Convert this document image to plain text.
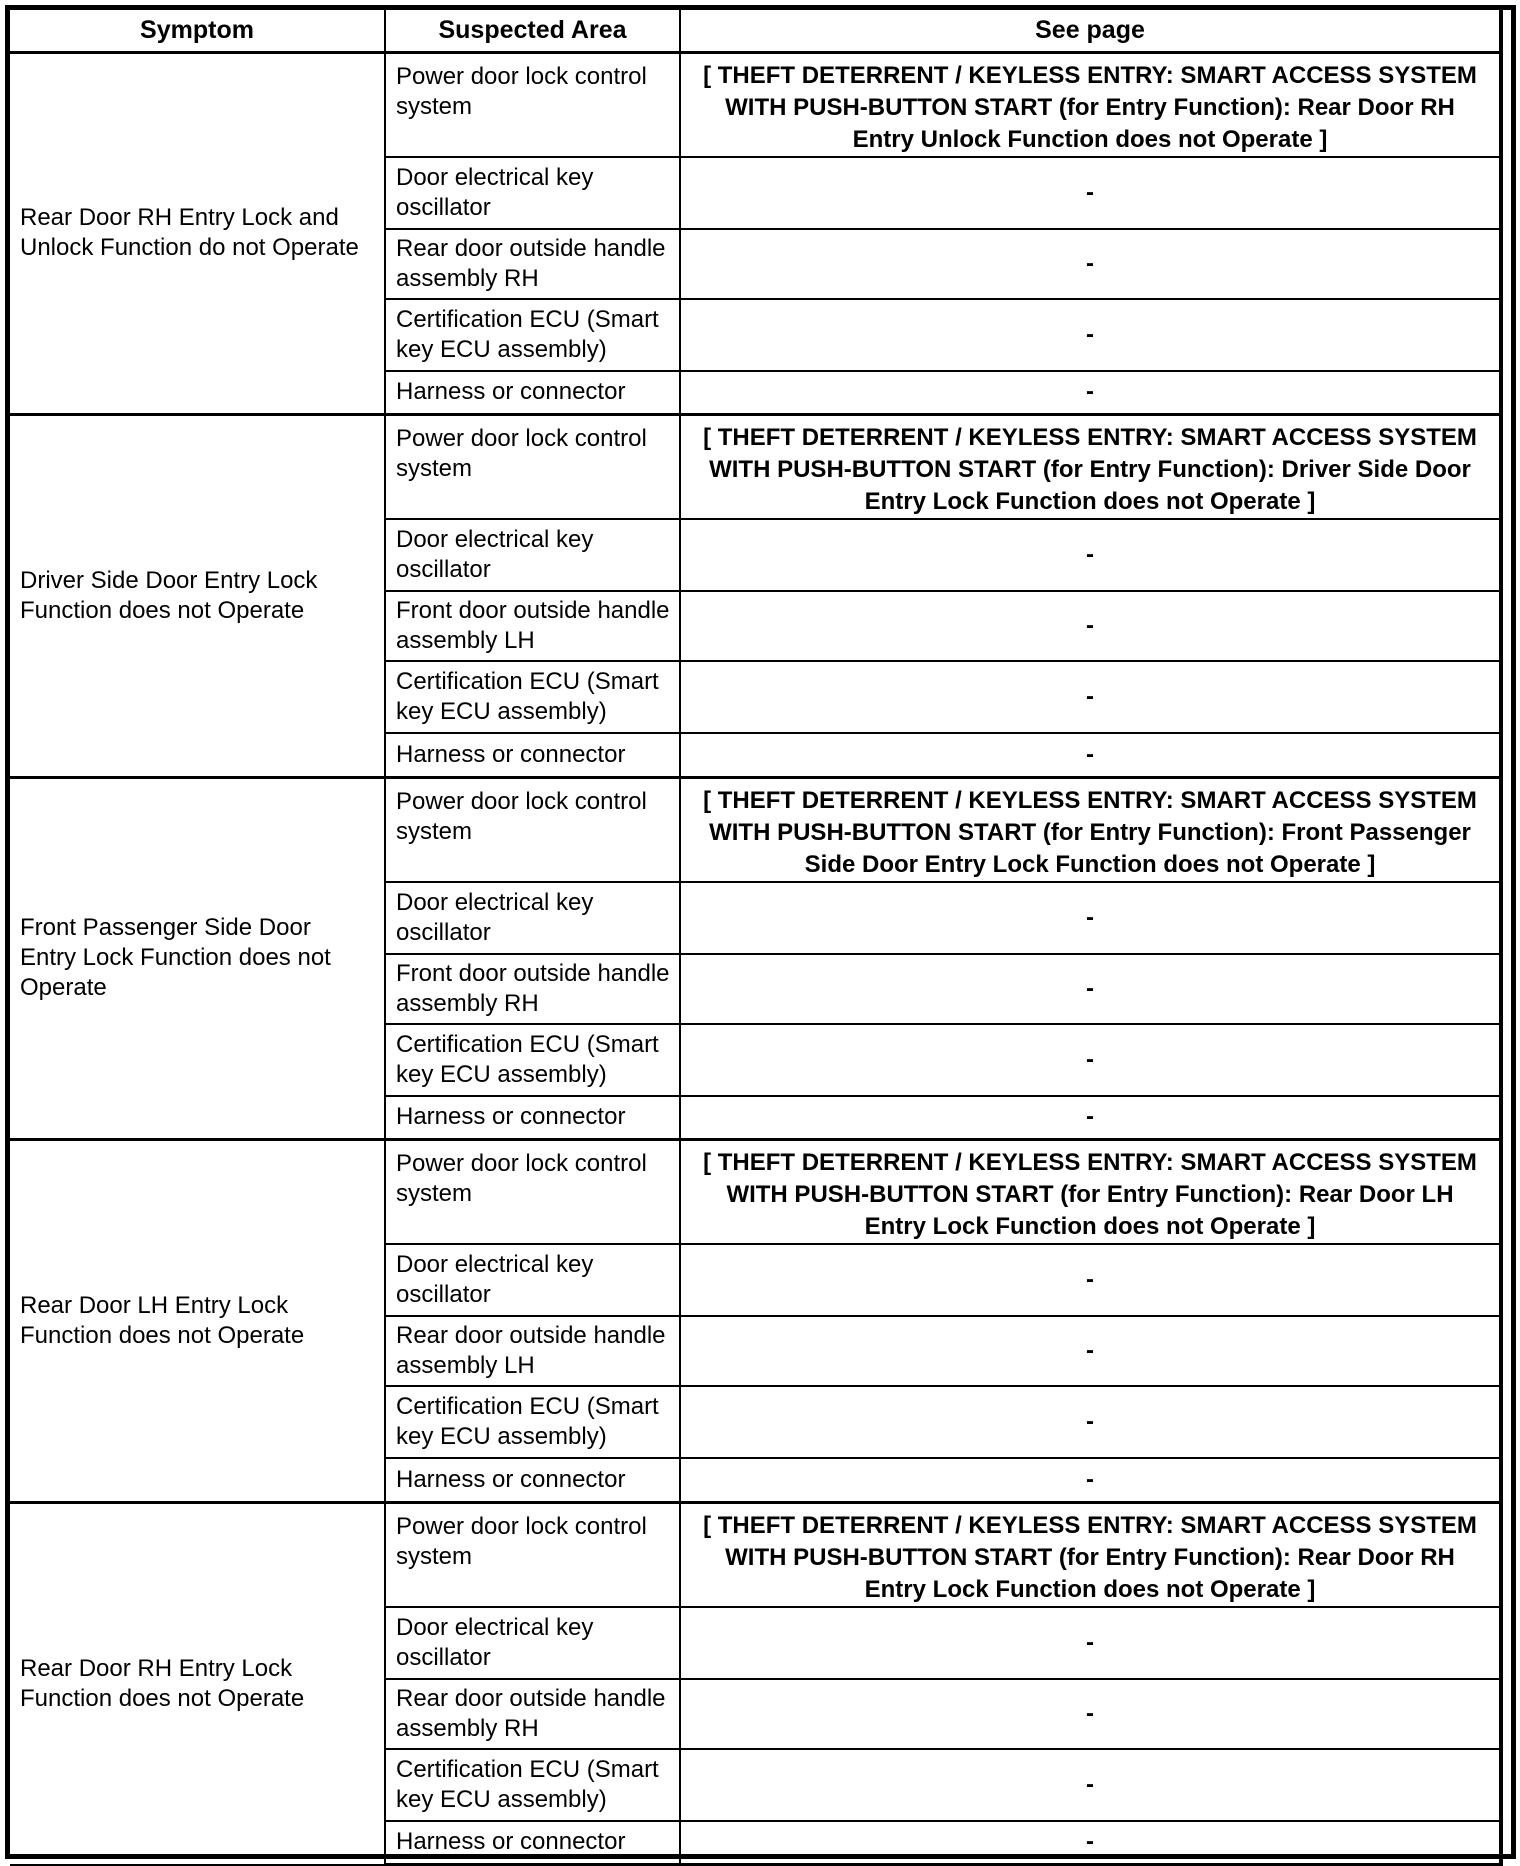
Symptom	Suspected Area	See page
Rear Door RH Entry Lock and Unlock Function do not Operate	Power door lock control system	[ THEFT DETERRENT / KEYLESS ENTRY: SMART ACCESS SYSTEM WITH PUSH-BUTTON START (for Entry Function): Rear Door RH Entry Unlock Function does not Operate ]
	Door electrical key oscillator	-
	Rear door outside handle assembly RH	-
	Certification ECU (Smart key ECU assembly)	-
	Harness or connector	-
Driver Side Door Entry Lock Function does not Operate	Power door lock control system	[ THEFT DETERRENT / KEYLESS ENTRY: SMART ACCESS SYSTEM WITH PUSH-BUTTON START (for Entry Function): Driver Side Door Entry Lock Function does not Operate ]
	Door electrical key oscillator	-
	Front door outside handle assembly LH	-
	Certification ECU (Smart key ECU assembly)	-
	Harness or connector	-
Front Passenger Side Door Entry Lock Function does not Operate	Power door lock control system	[ THEFT DETERRENT / KEYLESS ENTRY: SMART ACCESS SYSTEM WITH PUSH-BUTTON START (for Entry Function): Front Passenger Side Door Entry Lock Function does not Operate ]
	Door electrical key oscillator	-
	Front door outside handle assembly RH	-
	Certification ECU (Smart key ECU assembly)	-
	Harness or connector	-
Rear Door LH Entry Lock Function does not Operate	Power door lock control system	[ THEFT DETERRENT / KEYLESS ENTRY: SMART ACCESS SYSTEM WITH PUSH-BUTTON START (for Entry Function): Rear Door LH Entry Lock Function does not Operate ]
	Door electrical key oscillator	-
	Rear door outside handle assembly LH	-
	Certification ECU (Smart key ECU assembly)	-
	Harness or connector	-
Rear Door RH Entry Lock Function does not Operate	Power door lock control system	[ THEFT DETERRENT / KEYLESS ENTRY: SMART ACCESS SYSTEM WITH PUSH-BUTTON START (for Entry Function): Rear Door RH Entry Lock Function does not Operate ]
	Door electrical key oscillator	-
	Rear door outside handle assembly RH	-
	Certification ECU (Smart key ECU assembly)	-
	Harness or connector	-
